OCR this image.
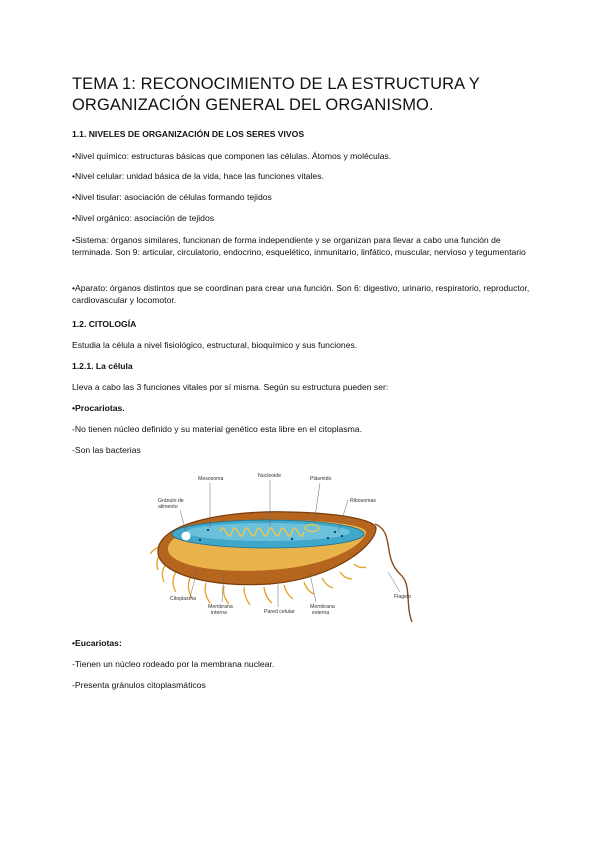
TEMA 1: RECONOCIMIENTO DE LA ESTRUCTURA Y ORGANIZACIÓN GENERAL DEL ORGANISMO.
1.1. NIVELES DE ORGANIZACIÓN DE LOS SERES VIVOS
•Nivel químico: estructuras básicas que componen las células. Átomos y moléculas.
•Nivel celular: unidad básica de la vida, hace las funciones vitales.
•Nivel tisular: asociación de células formando tejidos
•Nivel orgánico: asociación de tejidos
•Sistema: órganos similares, funcionan de forma independiente y se organizan para llevar a cabo una función de terminada. Son 9: articular, circulatorio, endocrino, esquelético, inmunitario, linfático, muscular, nervioso y tegumentario
•Aparato: órganos distintos que se coordinan para crear una función. Son 6: digestivo, urinario, respiratorio, reproductor, cardiovascular y locomotor.
1.2. CITOLOGÍA
Estudia la célula a nivel fisiológico, estructural, bioquímico y sus funciones.
1.2.1. La célula
Lleva a cabo las 3 funciones vitales por sí misma. Según su estructura pueden ser:
•Procariotas.
-No tienen núcleo definido y su material genético esta libre en el citoplasma.
-Son las bacterias
Mesosoma	Nucleoide	Plásmido
Ribosomas
Gránulo de
alimento
Citoplasma
Membrana
interna	Pared celular
Membrana
externa
Flagelo
•Eucariotas:
-Tienen un núcleo rodeado por la membrana nuclear.
-Presenta gránulos citoplasmáticos
